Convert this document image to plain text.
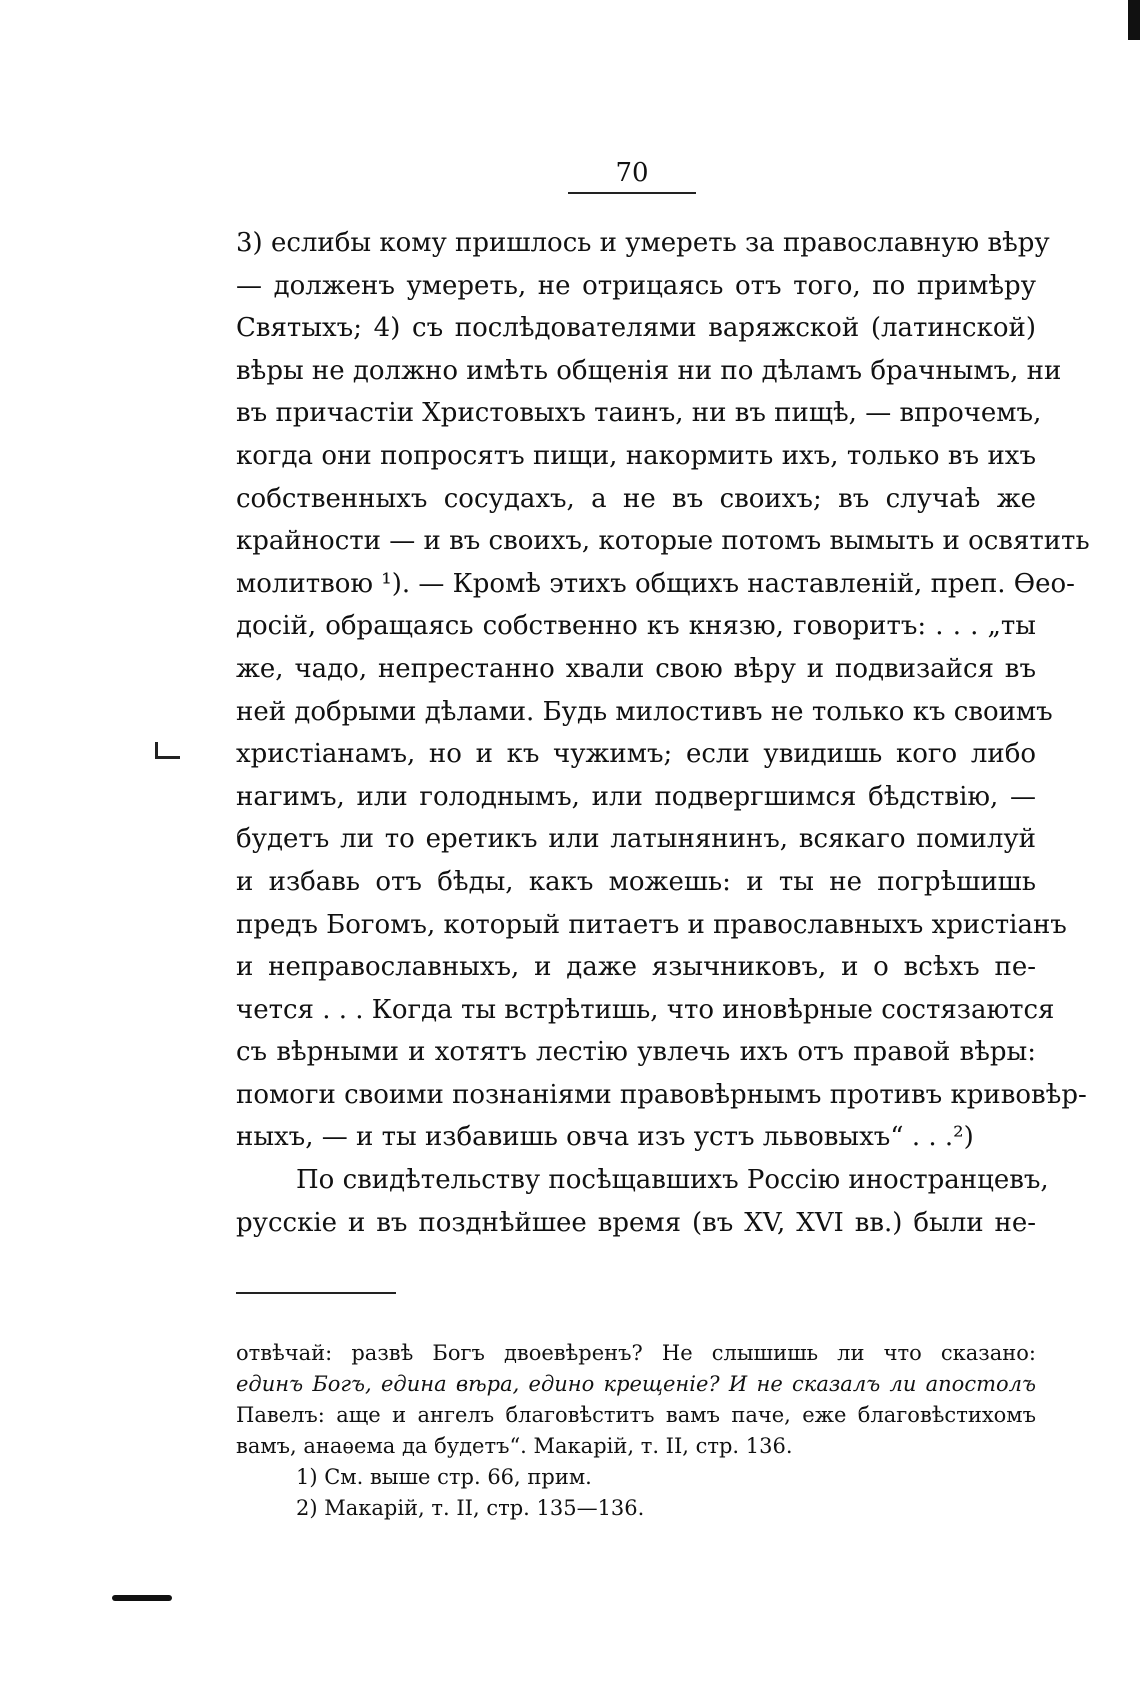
70
3) еслибы кому пришлось и умереть за православную вѣру
— долженъ умереть, не отрицаясь отъ того, по примѣру
Святыхъ; 4) съ послѣдователями варяжской (латинской)
вѣры не должно имѣть общенія ни по дѣламъ брачнымъ, ни
въ причастіи Христовыхъ таинъ, ни въ пищѣ, — впрочемъ,
когда они попросятъ пищи, накормить ихъ, только въ ихъ
собственныхъ сосудахъ, а не въ своихъ; въ случаѣ же
крайности — и въ своихъ, которые потомъ вымыть и освятить
молитвою ¹). — Кромѣ этихъ общихъ наставленій, преп. Ѳео-
досій, обращаясь собственно къ князю, говоритъ: . . . „ты
же, чадо, непрестанно хвали свою вѣру и подвизайся въ
ней добрыми дѣлами. Будь милостивъ не только къ своимъ
христіанамъ, но и къ чужимъ; если увидишь кого либо
нагимъ, или голоднымъ, или подвергшимся бѣдствію, —
будетъ ли то еретикъ или латынянинъ, всякаго помилуй
и избавь отъ бѣды, какъ можешь: и ты не погрѣшишь
предъ Богомъ, который питаетъ и православныхъ христіанъ
и неправославныхъ, и даже язычниковъ, и о всѣхъ пе-
чется . . . Когда ты встрѣтишь, что иновѣрные состязаются
съ вѣрными и хотятъ лестію увлечь ихъ отъ правой вѣры:
помоги своими познаніями правовѣрнымъ противъ кривовѣр-
ныхъ, — и ты избавишь овча изъ устъ львовыхъ“ . . .²)
По свидѣтельству посѣщавшихъ Россію иностранцевъ,
русскіе и въ позднѣйшее время (въ XV, XVI вв.) были не-
отвѣчай: развѣ Богъ двоевѣренъ? Не слышишь ли что сказано:
единъ Богъ, едина вѣра, едино крещеніе? И не сказалъ ли апостолъ
Павелъ: аще и ангелъ благовѣститъ вамъ паче, еже благовѣстихомъ
вамъ, анаѳема да будетъ“. Макарій, т. II, стр. 136.
1) См. выше стр. 66, прим.
2) Макарій, т. II, стр. 135—136.
